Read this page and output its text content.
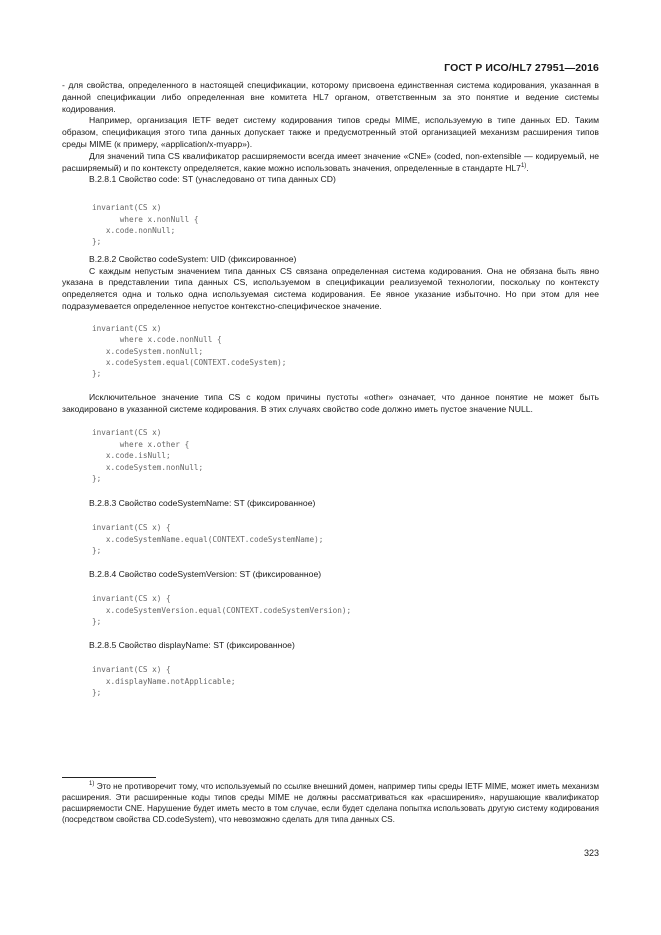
ГОСТ Р ИСО/HL7 27951—2016

- для свойства, определенного в настоящей спецификации, которому присвоена единственная система кодирования, указанная в данной спецификации либо определенная вне комитета HL7 органом, ответственным за это понятие и ведение системы кодирования.

Например, организация IETF ведет систему кодирования типов среды MIME, используемую в типе данных ED. Таким образом, спецификация этого типа данных допускает также и предусмотренный этой организацией механизм расширения типов среды MIME (к примеру, «application/x-myapp»).

Для значений типа CS квалификатор расширяемости всегда имеет значение «CNE» (coded, non-extensible — кодируемый, не расширяемый) и по контексту определяется, какие можно использовать значения, определенные в стандарте HL7$^{1)}$.

B.2.8.1 Свойство code: ST (унаследовано от типа данных CD)

invariant(CS x)
where x.nonNull {
x.code.nonNull;
};

B.2.8.2 Свойство codeSystem: UID (фиксированное)

С каждым непустым значением типа данных CS связана определенная система кодирования. Она не обязана быть явно указана в представлении типа данных CS, используемом в спецификации реализуемой технологии, поскольку по контексту определяется одна и только одна используемая система кодирования. Ее явное указание избыточно. Но при этом для нее подразумевается определенное непустое контекстно-специфическое значение.

invariant(CS x)
where x.code.nonNull {
x.codeSystem.nonNull;
x.codeSystem.equal(CONTEXT.codeSystem);
};

Исключительное значение типа CS с кодом причины пустоты «other» означает, что данное понятие не может быть закодировано в указанной системе кодирования. В этих случаях свойство code должно иметь пустое значение NULL.

invariant(CS x)
where x.other {
x.code.isNull;
x.codeSystem.nonNull;
};

B.2.8.3 Свойство codeSystemName: ST (фиксированное)

invariant(CS x) {
x.codeSystemName.equal(CONTEXT.codeSystemName);
};

B.2.8.4 Свойство codeSystemVersion: ST (фиксированное)

invariant(CS x) {
x.codeSystemVersion.equal(CONTEXT.codeSystemVersion);
};

B.2.8.5 Свойство displayName: ST (фиксированное)

invariant(CS x) {
x.displayName.notApplicable;
};

$^{1)}$ Это не противоречит тому, что используемый по ссылке внешний домен, например типы среды IETF MIME, может иметь механизм расширения. Эти расширенные коды типов среды MIME не должны рассматриваться как «расширения», нарушающие квалификатор расширяемости CNE. Нарушение будет иметь место в том случае, если будет сделана попытка использовать другую систему кодирования (посредством свойства CD.codeSystem), что невозможно сделать для типа данных CS.

323
